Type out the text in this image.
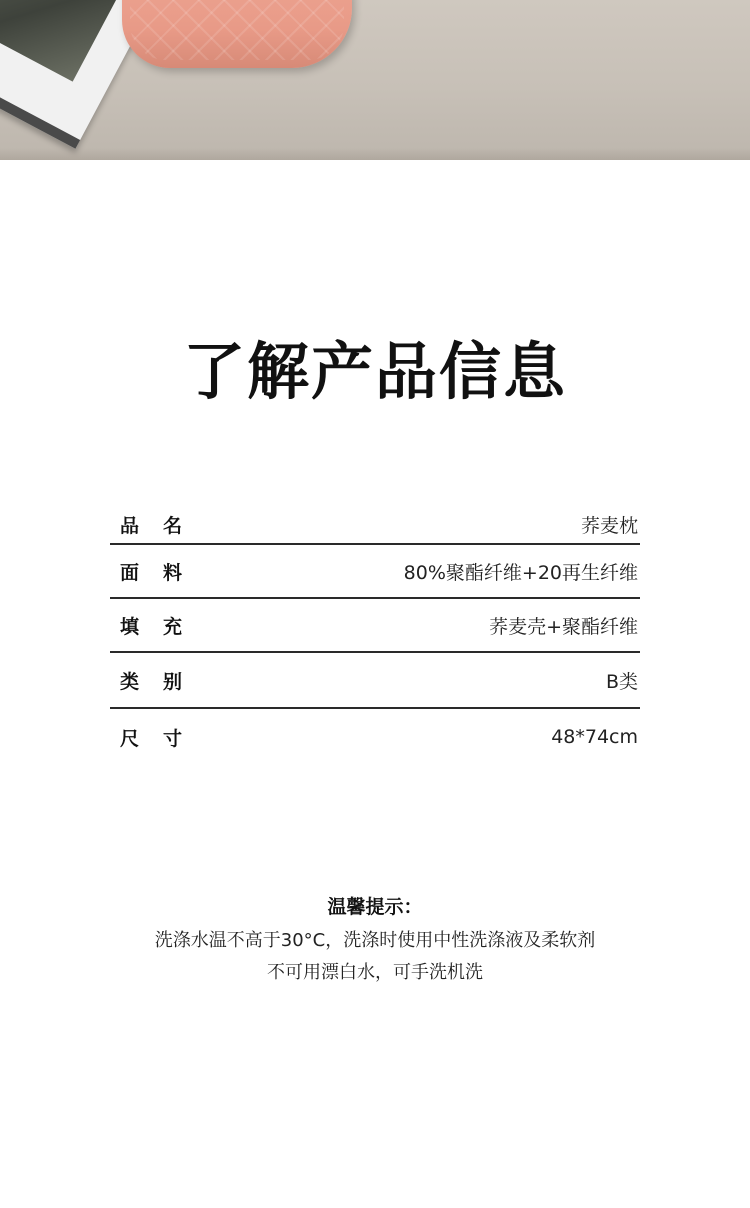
了解产品信息
品名	荞麦枕
面料	80%聚酯纤维+20再生纤维
填充	荞麦壳+聚酯纤维
类别	B类
尺寸	48*74cm
温馨提示：
洗涤水温不高于30°C，洗涤时使用中性洗涤液及柔软剂
不可用漂白水，可手洗机洗
